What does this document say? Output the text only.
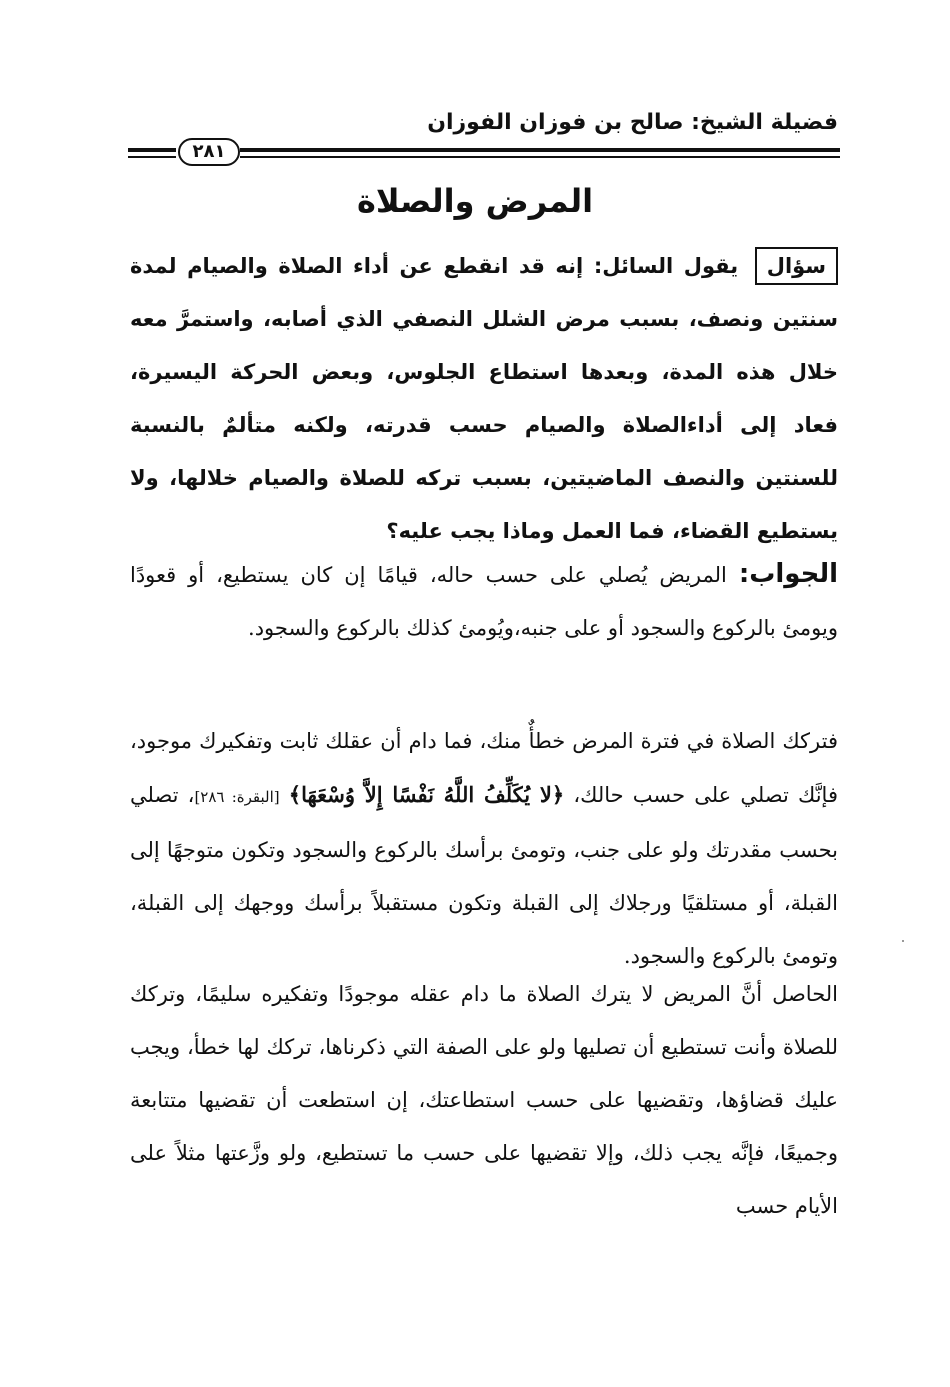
فضيلة الشيخ: صالح بن فوزان الفوزان
٢٨١
المرض والصلاة
سؤال يقول السائل: إنه قد انقطع عن أداء الصلاة والصيام لمدة سنتين ونصف، بسبب مرض الشلل النصفي الذي أصابه، واستمرَّ معه خلال هذه المدة، وبعدها استطاع الجلوس، وبعض الحركة اليسيرة، فعاد إلى أداءالصلاة والصيام حسب قدرته، ولكنه متألمٌ بالنسبة للسنتين والنصف الماضيتين، بسبب تركه للصلاة والصيام خلالها، ولا يستطيع القضاء، فما العمل وماذا يجب عليه؟

الجواب: المريض يُصلي على حسب حاله، قيامًا إن كان يستطيع، أو قعودًا ويومئ بالركوع والسجود أو على جنبه،ويُومئ كذلك بالركوع والسجود.

فتركك الصلاة في فترة المرض خطأٌ منك، فما دام أن عقلك ثابت وتفكيرك موجود، فإنَّك تصلي على حسب حالك، ﴿لا يُكَلِّفُ اللَّهُ نَفْسًا إِلاَّ وُسْعَهَا﴾ [البقرة: ٢٨٦]، تصلي بحسب مقدرتك ولو على جنب، وتومئ برأسك بالركوع والسجود وتكون متوجهًا إلى القبلة، أو مستلقيًا ورجلاك إلى القبلة وتكون مستقبلاً برأسك ووجهك إلى القبلة، وتومئ بالركوع والسجود.

الحاصل أنَّ المريض لا يترك الصلاة ما دام عقله موجودًا وتفكيره سليمًا، وتركك للصلاة وأنت تستطيع أن تصليها ولو على الصفة التي ذكرناها، تركك لها خطأ، ويجب عليك قضاؤها، وتقضيها على حسب استطاعتك، إن استطعت أن تقضيها متتابعة وجميعًا، فإنَّه يجب ذلك، وإلا تقضيها على حسب ما تستطيع، ولو وزَّعتها مثلاً على الأيام حسب
